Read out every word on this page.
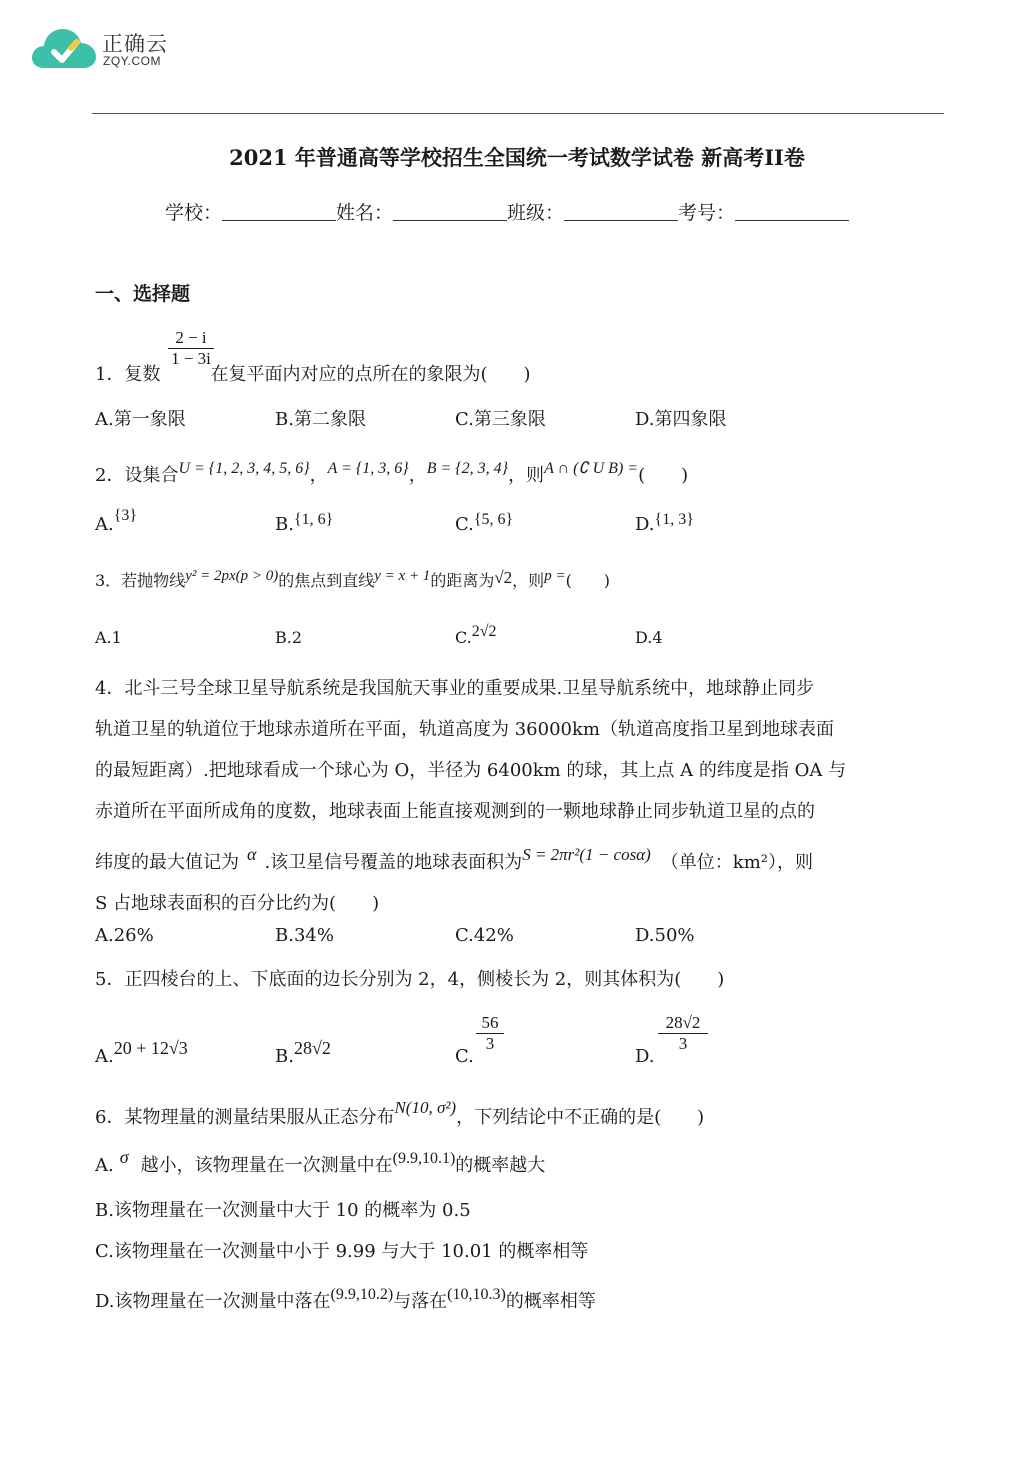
正确云
ZQY.COM
2021 年普通高等学校招生全国统一考试数学试卷 新高考II卷
学校：	姓名：	班级：	考号：
一、选择题
2 − i
1 − 3i
1．复数	在复平面内对应的点所在的象限为(　　)
A.第一象限	B.第二象限	C.第三象限	D.第四象限
2．设集合U = {1, 2, 3, 4, 5, 6}，A = {1, 3, 6}，B = {2, 3, 4}，则A ∩ (∁ U B) =(　　)
A.{3}	B.{1, 6}	C.{5, 6}	D.{1, 3}
3．若抛物线y² = 2px(p > 0)的焦点到直线y = x + 1的距离为√2，则p =(　　)
A.1	B.2	C.2√2	D.4
4．北斗三号全球卫星导航系统是我国航天事业的重要成果.卫星导航系统中，地球静止同步
轨道卫星的轨道位于地球赤道所在平面，轨道高度为 36000km（轨道高度指卫星到地球表面
的最短距离）.把地球看成一个球心为 O，半径为 6400km 的球，其上点 A 的纬度是指 OA 与
赤道所在平面所成角的度数，地球表面上能直接观测到的一颗地球静止同步轨道卫星的点的
纬度的最大值记为 α .该卫星信号覆盖的地球表面积为S = 2πr²(1 − cosα) （单位：km²），则
S 占地球表面积的百分比约为(　　)
A.26%	B.34%	C.42%	D.50%
5．正四棱台的上、下底面的边长分别为 2，4，侧棱长为 2，则其体积为(　　)
A.20 + 12√3	B.28√2	C.
56
3
D.
28√2
3
6．某物理量的测量结果服从正态分布N(10, σ²)，下列结论中不正确的是(　　)
A. σ 越小，该物理量在一次测量中在(9.9,10.1)的概率越大
B.该物理量在一次测量中大于 10 的概率为 0.5
C.该物理量在一次测量中小于 9.99 与大于 10.01 的概率相等
D.该物理量在一次测量中落在(9.9,10.2)与落在(10,10.3)的概率相等
